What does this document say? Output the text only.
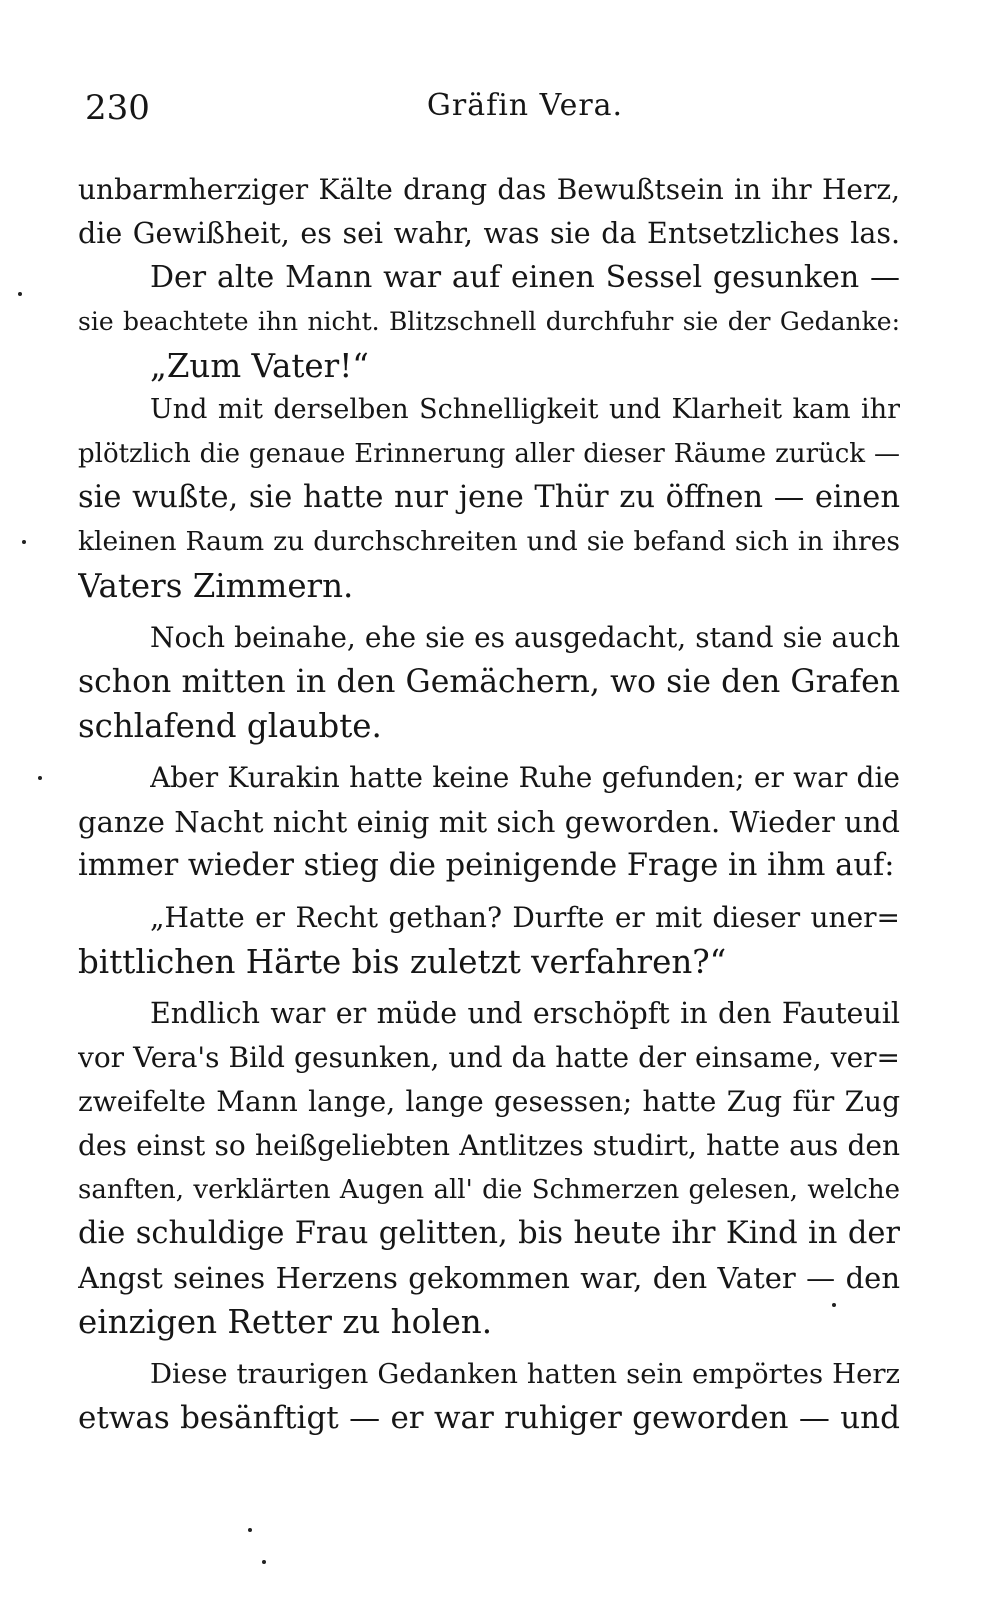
230	Gräfin Vera.
unbarmherziger Kälte drang das Bewußtsein in ihr Herz,
die Gewißheit, es sei wahr, was sie da Entsetzliches las.
Der alte Mann war auf einen Sessel gesunken —
sie beachtete ihn nicht. Blitzschnell durchfuhr sie der Gedanke:
„Zum Vater!“
Und mit derselben Schnelligkeit und Klarheit kam ihr
plötzlich die genaue Erinnerung aller dieser Räume zurück —
sie wußte, sie hatte nur jene Thür zu öffnen — einen
kleinen Raum zu durchschreiten und sie befand sich in ihres
Vaters Zimmern.
Noch beinahe, ehe sie es ausgedacht, stand sie auch
schon mitten in den Gemächern, wo sie den Grafen
schlafend glaubte.
Aber Kurakin hatte keine Ruhe gefunden; er war die
ganze Nacht nicht einig mit sich geworden. Wieder und
immer wieder stieg die peinigende Frage in ihm auf:
„Hatte er Recht gethan? Durfte er mit dieser uner=
bittlichen Härte bis zuletzt verfahren?“
Endlich war er müde und erschöpft in den Fauteuil
vor Vera's Bild gesunken, und da hatte der einsame, ver=
zweifelte Mann lange, lange gesessen; hatte Zug für Zug
des einst so heißgeliebten Antlitzes studirt, hatte aus den
sanften, verklärten Augen all' die Schmerzen gelesen, welche
die schuldige Frau gelitten, bis heute ihr Kind in der
Angst seines Herzens gekommen war, den Vater — den
einzigen Retter zu holen.
Diese traurigen Gedanken hatten sein empörtes Herz
etwas besänftigt — er war ruhiger geworden — und
